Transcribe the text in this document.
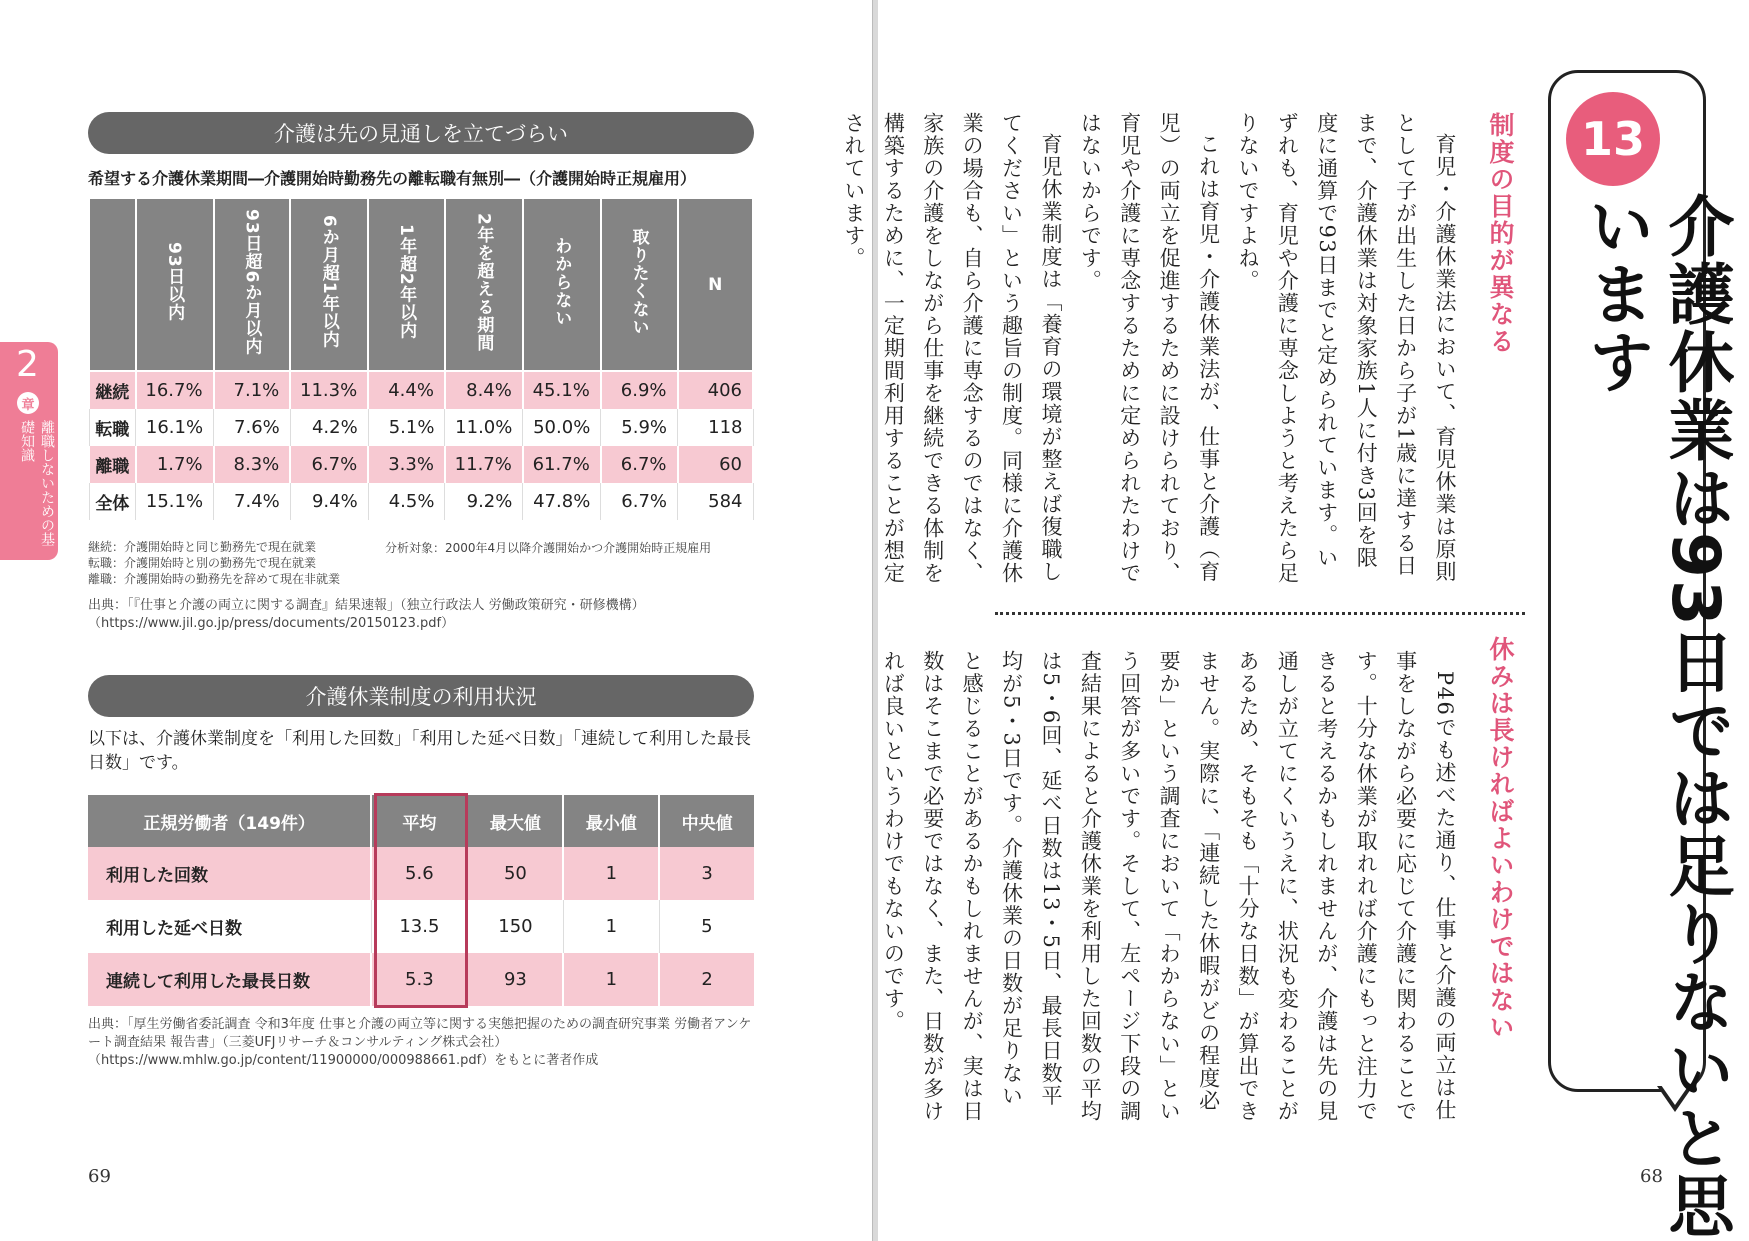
介護は先の見通しを立てづらい
希望する介護休業期間―介護開始時勤務先の離転職有無別―（介護開始時正規雇用）
	93日以内	93日超6か月以内	6か月超1年以内	1年超2年以内	2年を超える期間	わからない	取りたくない	N
継続	16.7%	7.1%	11.3%	4.4%	8.4%	45.1%	6.9%	406
転職	16.1%	7.6%	4.2%	5.1%	11.0%	50.0%	5.9%	118
離職	1.7%	8.3%	6.7%	3.3%	11.7%	61.7%	6.7%	60
全体	15.1%	7.4%	9.4%	4.5%	9.2%	47.8%	6.7%	584
継続：介護開始時と同じ勤務先で現在就業
転職：介護開始時と別の勤務先で現在就業
離職：介護開始時の勤務先を辞めて現在非就業
分析対象：2000年4月以降介護開始かつ介護開始時正規雇用
出典：「『仕事と介護の両立に関する調査』結果速報」（独立行政法人 労働政策研究・研修機構）（https://www.jil.go.jp/press/documents/20150123.pdf）
介護休業制度の利用状況
以下は、介護休業制度を「利用した回数」「利用した延べ日数」「連続して利用した最長日数」です。
正規労働者（149件）	平均	最大値	最小値	中央値
利用した回数	5.6	50	1	3
利用した延べ日数	13.5	150	1	5
連続して利用した最長日数	5.3	93	1	2
出典：「厚生労働省委託調査 令和3年度 仕事と介護の両立等に関する実態把握のための調査研究事業 労働者アンケート調査結果 報告書」（三菱UFJリサーチ＆コンサルティング株式会社）（https://www.mhlw.go.jp/content/11900000/000988661.pdf）をもとに著者作成
2
章
離職しないための基礎知識
69
13
介護休業は93日では足りないと思います
制度の目的が異なる

育児・介護休業法において、育児休業は原則として子が出生した日から子が1歳に達する日まで、介護休業は対象家族1人に付き3回を限度に通算で93日までと定められています。いずれも、育児や介護に専念しようと考えたら足りないですよね。

これは育児・介護休業法が、仕事と介護（育児）の両立を促進するために設けられており、育児や介護に専念するために定められたわけではないからです。

育児休業制度は「養育の環境が整えば復職してください」という趣旨の制度。同様に介護休業の場合も、自ら介護に専念するのではなく、家族の介護をしながら仕事を継続できる体制を構築するために、一定期間利用することが想定されています。

休みは長ければよいわけではない

P46でも述べた通り、仕事と介護の両立は仕事をしながら必要に応じて介護に関わることです。十分な休業が取れれば介護にもっと注力できると考えるかもしれませんが、介護は先の見通しが立てにくいうえに、状況も変わることがあるため、そもそも「十分な日数」が算出できません。実際に、「連続した休暇がどの程度必要か」という調査において「わからない」という回答が多いです。そして、左ページ下段の調査結果によると介護休業を利用した回数の平均は5・6回、延べ日数は13・5日、最長日数平均が5・3日です。介護休業の日数が足りないと感じることがあるかもしれませんが、実は日数はそこまで必要ではなく、また、日数が多ければ良いというわけでもないのです。

68
